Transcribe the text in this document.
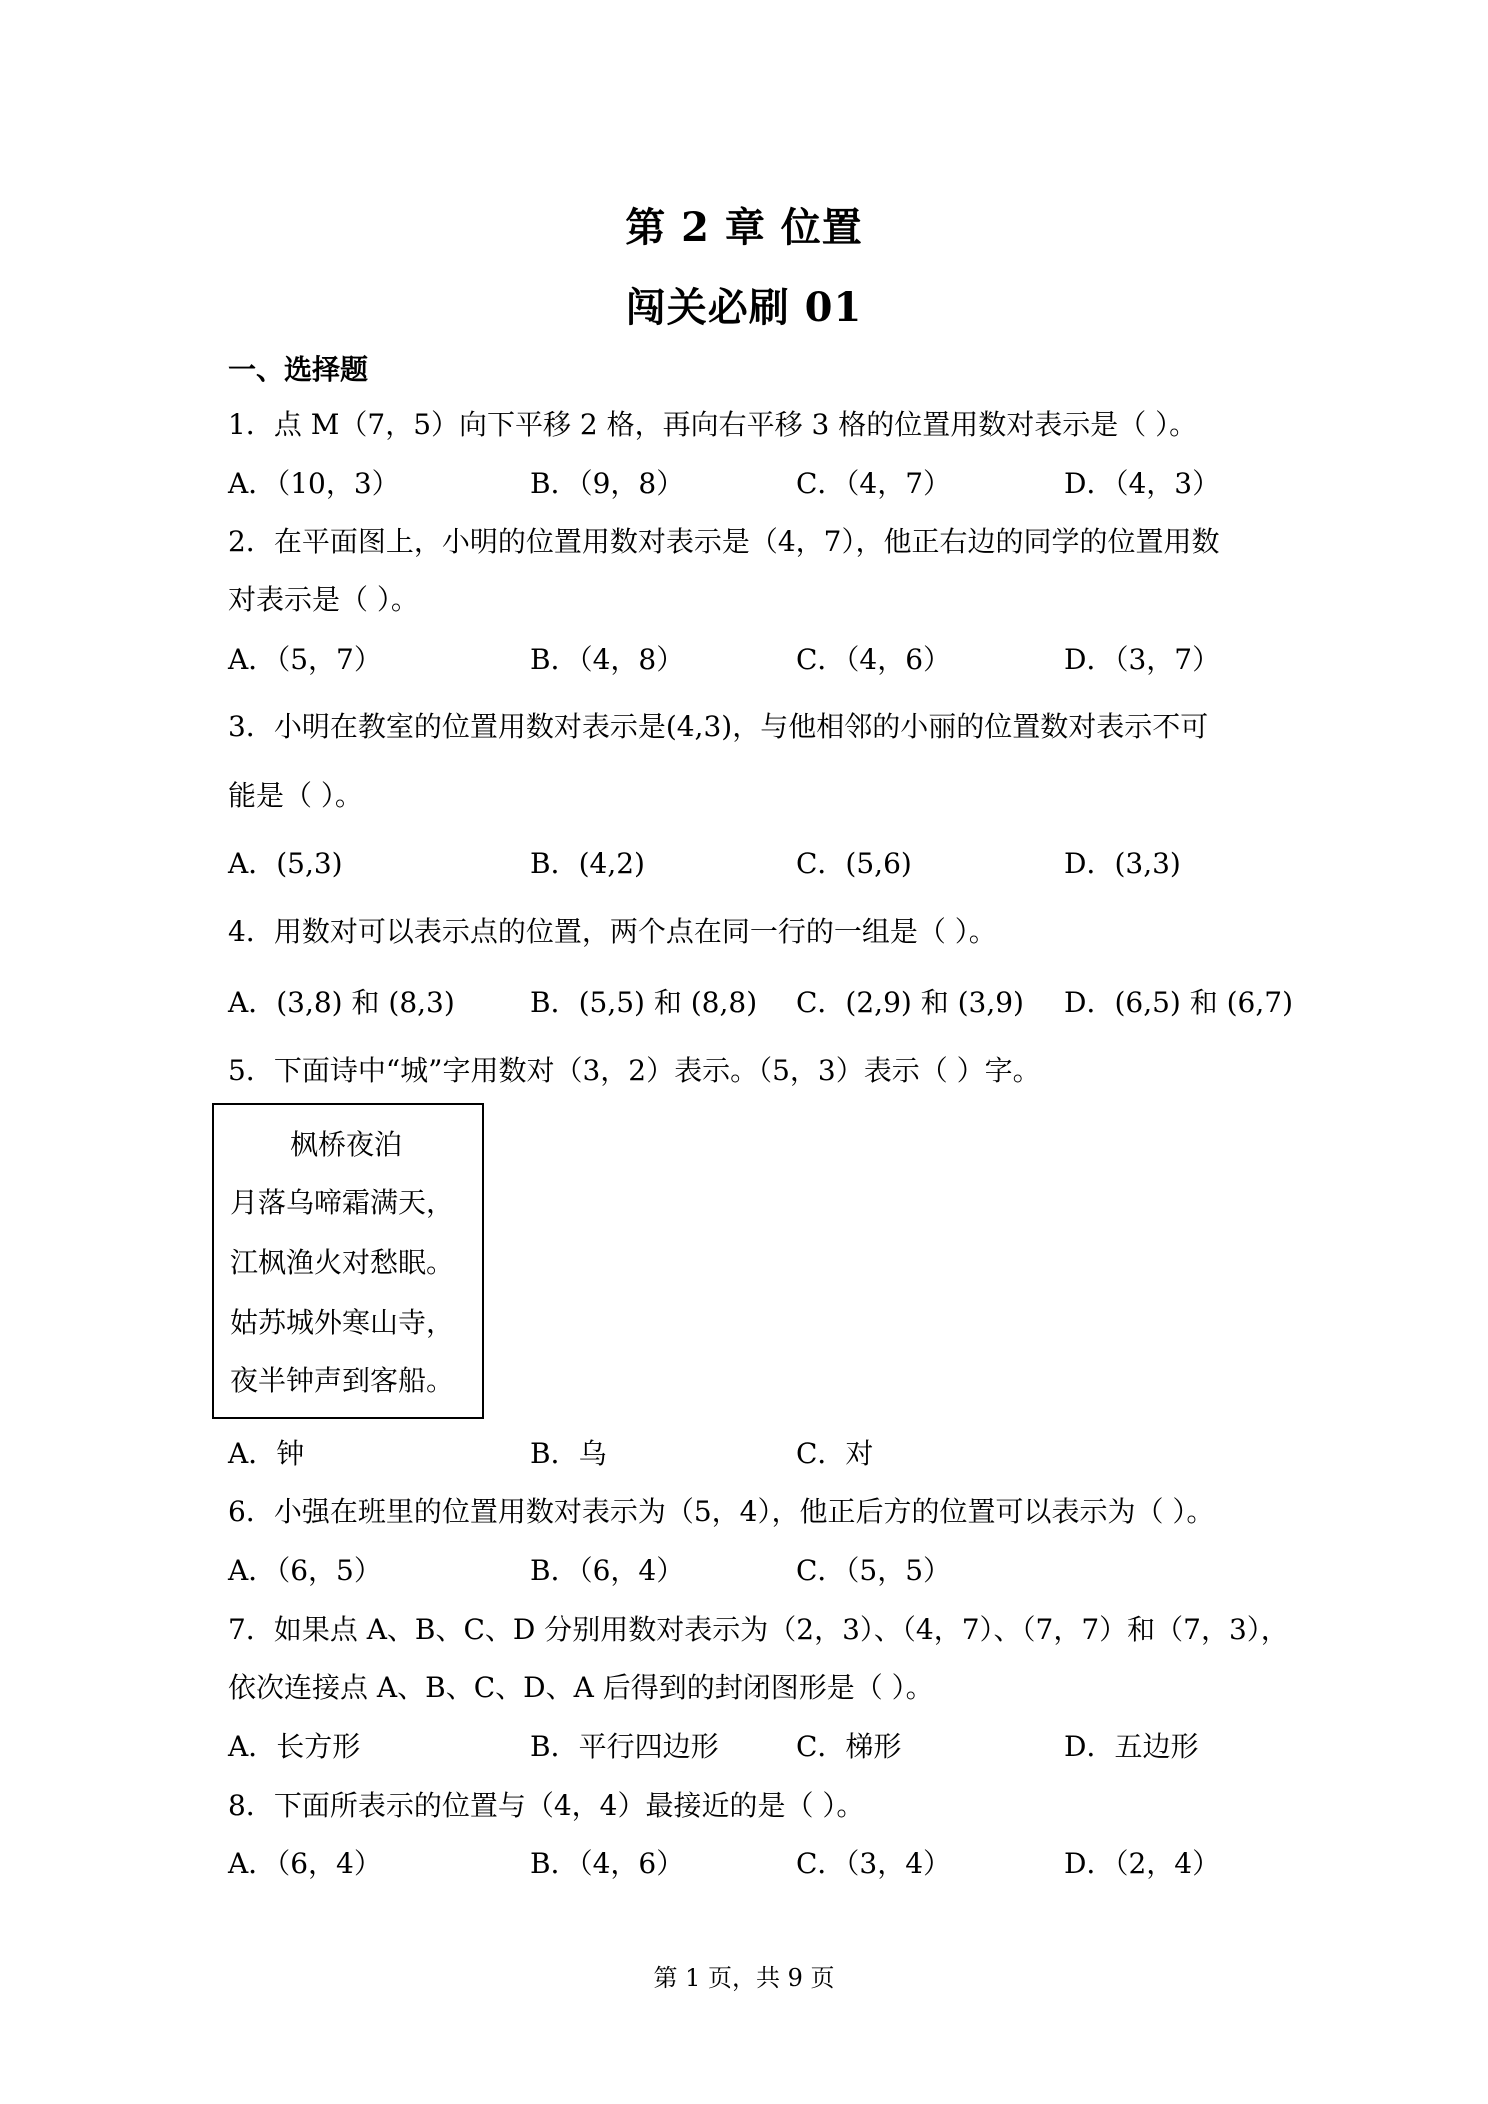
第 2 章 位置
闯关必刷 01
一、选择题
1．点 M（7，5）向下平移 2 格，再向右平移 3 格的位置用数对表示是（ ）。
A．（10，3）	B．（9，8）	C．（4，7）	D．（4，3）
2．在平面图上，小明的位置用数对表示是（4，7），他正右边的同学的位置用数
对表示是（ ）。
A．（5，7）	B．（4，8）	C．（4，6）	D．（3，7）
3．小明在教室的位置用数对表示是(4,3)，与他相邻的小丽的位置数对表示不可
能是（ ）。
A．(5,3)	B．(4,2)	C．(5,6)	D．(3,3)
4．用数对可以表示点的位置，两个点在同一行的一组是（ ）。
A．(3,8) 和 (8,3)	B．(5,5) 和 (8,8) C．(2,9) 和 (3,9) D．(6,5) 和 (6,7)
5．下面诗中“城”字用数对（3，2）表示。（5，3）表示（ ）字。
枫桥夜泊
月落乌啼霜满天，
江枫渔火对愁眠。
姑苏城外寒山寺，
夜半钟声到客船。
A．钟	B．乌	C．对
6．小强在班里的位置用数对表示为（5，4），他正后方的位置可以表示为（ ）。
A．（6，5）	B．（6，4）	C．（5，5）
7．如果点 A、B、C、D 分别用数对表示为（2，3）、（4，7）、（7，7）和（7，3），
依次连接点 A、B、C、D、A 后得到的封闭图形是（ ）。
A．长方形	B．平行四边形	C．梯形	D．五边形
8．下面所表示的位置与（4，4）最接近的是（ ）。
A．（6，4）	B．（4，6）	C．（3，4）	D．（2，4）
第 1 页，共 9 页
